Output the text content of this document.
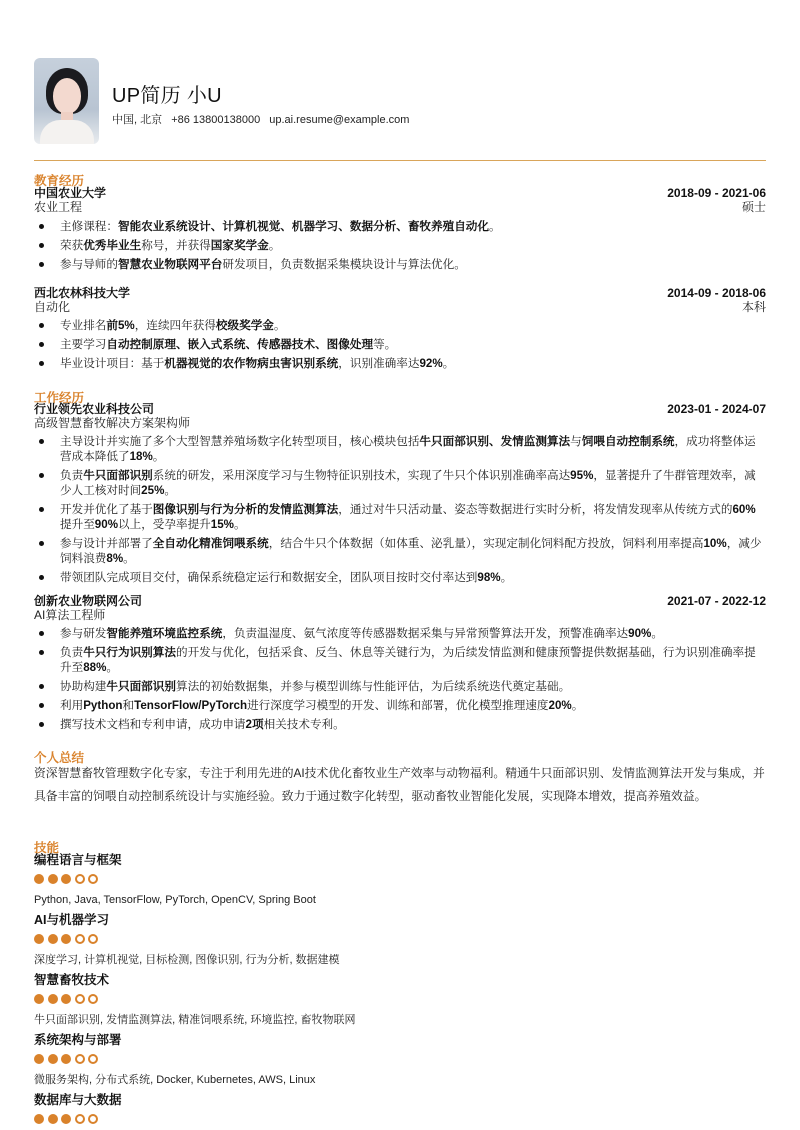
UP简历 小U
中国, 北京 +86 13800138000 up.ai.resume@example.com
教育经历
中国农业大学
农业工程
2018-09 - 2021-06
硕士
主修课程：智能农业系统设计、计算机视觉、机器学习、数据分析、畜牧养殖自动化。
荣获优秀毕业生称号，并获得国家奖学金。
参与导师的智慧农业物联网平台研发项目，负责数据采集模块设计与算法优化。
西北农林科技大学
自动化
2014-09 - 2018-06
本科
专业排名前5%，连续四年获得校级奖学金。
主要学习自动控制原理、嵌入式系统、传感器技术、图像处理等。
毕业设计项目：基于机器视觉的农作物病虫害识别系统，识别准确率达92%。
工作经历
行业领先农业科技公司
高级智慧畜牧解决方案架构师
2023-01 - 2024-07
主导设计并实施了多个大型智慧养殖场数字化转型项目，核心模块包括牛只面部识别、发情监测算法与饲喂自动控制系统，成功将整体运营成本降低了18%。
负责牛只面部识别系统的研发，采用深度学习与生物特征识别技术，实现了牛只个体识别准确率高达95%，显著提升了牛群管理效率，减少人工核对时间25%。
开发并优化了基于图像识别与行为分析的发情监测算法，通过对牛只活动量、姿态等数据进行实时分析，将发情发现率从传统方式的60%提升至90%以上，受孕率提升15%。
参与设计并部署了全自动化精准饲喂系统，结合牛只个体数据（如体重、泌乳量），实现定制化饲料配方投放，饲料利用率提高10%，减少饲料浪费8%。
带领团队完成项目交付，确保系统稳定运行和数据安全，团队项目按时交付率达到98%。
创新农业物联网公司
AI算法工程师
2021-07 - 2022-12
参与研发智能养殖环境监控系统，负责温湿度、氨气浓度等传感器数据采集与异常预警算法开发，预警准确率达90%。
负责牛只行为识别算法的开发与优化，包括采食、反刍、休息等关键行为，为后续发情监测和健康预警提供数据基础，行为识别准确率提升至88%。
协助构建牛只面部识别算法的初始数据集，并参与模型训练与性能评估，为后续系统迭代奠定基础。
利用Python和TensorFlow/PyTorch进行深度学习模型的开发、训练和部署，优化模型推理速度20%。
撰写技术文档和专利申请，成功申请2项相关技术专利。
个人总结
资深智慧畜牧管理数字化专家，专注于利用先进的AI技术优化畜牧业生产效率与动物福利。精通牛只面部识别、发情监测算法开发与集成，并具备丰富的饲喂自动控制系统设计与实施经验。致力于通过数字化转型，驱动畜牧业智能化发展，实现降本增效，提高养殖效益。
技能
编程语言与框架
Python, Java, TensorFlow, PyTorch, OpenCV, Spring Boot
AI与机器学习
深度学习, 计算机视觉, 目标检测, 图像识别, 行为分析, 数据建模
智慧畜牧技术
牛只面部识别, 发情监测算法, 精准饲喂系统, 环境监控, 畜牧物联网
系统架构与部署
微服务架构, 分布式系统, Docker, Kubernetes, AWS, Linux
数据库与大数据
